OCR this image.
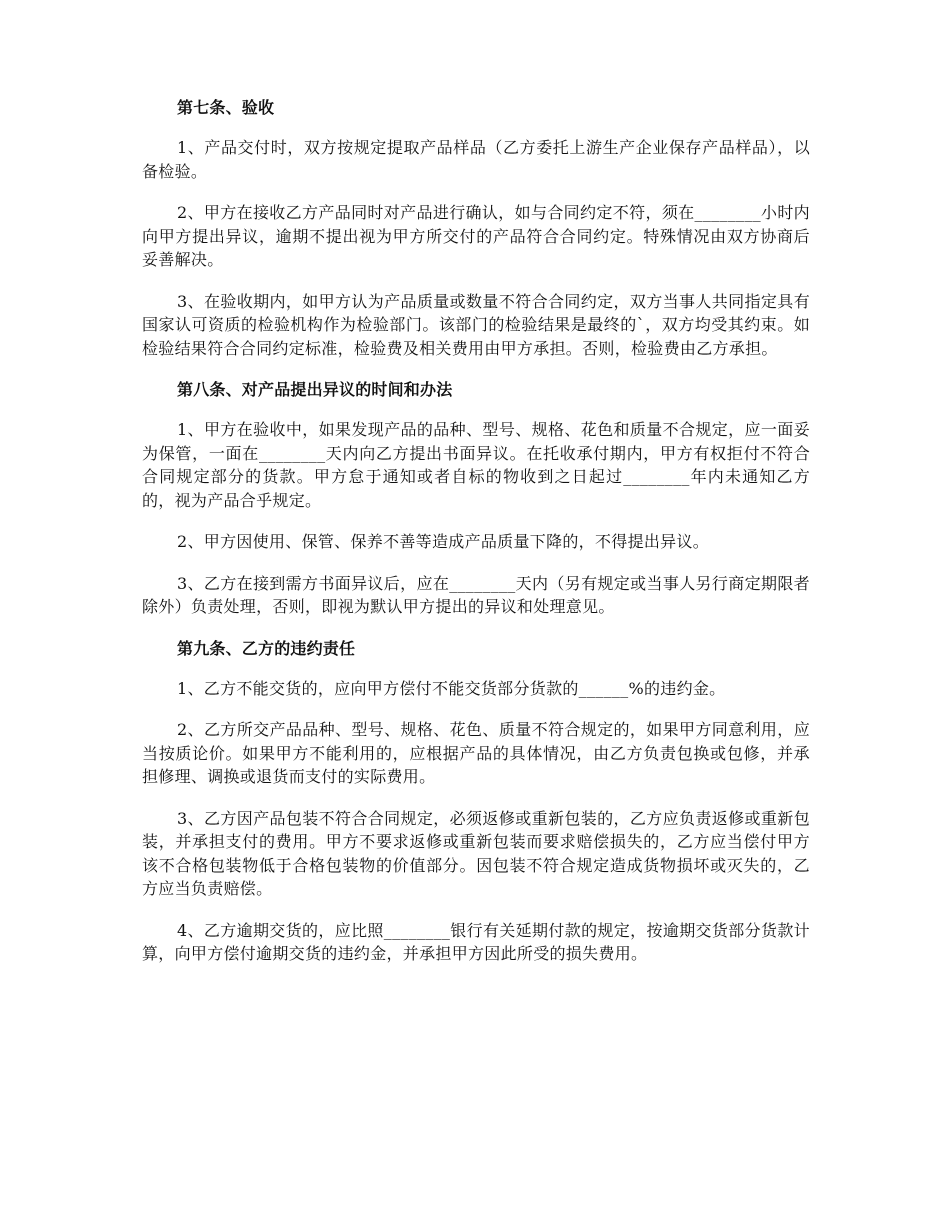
第七条、验收

1、产品交付时，双方按规定提取产品样品（乙方委托上游生产企业保存产品样品），以备检验。

2、甲方在接收乙方产品同时对产品进行确认，如与合同约定不符，须在________小时内向甲方提出异议，逾期不提出视为甲方所交付的产品符合合同约定。特殊情况由双方协商后妥善解决。

3、在验收期内，如甲方认为产品质量或数量不符合合同约定，双方当事人共同指定具有国家认可资质的检验机构作为检验部门。该部门的检验结果是最终的`，双方均受其约束。如检验结果符合合同约定标准，检验费及相关费用由甲方承担。否则，检验费由乙方承担。

第八条、对产品提出异议的时间和办法

1、甲方在验收中，如果发现产品的品种、型号、规格、花色和质量不合规定，应一面妥为保管，一面在________天内向乙方提出书面异议。在托收承付期内，甲方有权拒付不符合合同规定部分的货款。甲方怠于通知或者自标的物收到之日起过________年内未通知乙方的，视为产品合乎规定。

2、甲方因使用、保管、保养不善等造成产品质量下降的，不得提出异议。

3、乙方在接到需方书面异议后，应在________天内（另有规定或当事人另行商定期限者除外）负责处理，否则，即视为默认甲方提出的异议和处理意见。

第九条、乙方的违约责任

1、乙方不能交货的，应向甲方偿付不能交货部分货款的______%的违约金。

2、乙方所交产品品种、型号、规格、花色、质量不符合规定的，如果甲方同意利用，应当按质论价。如果甲方不能利用的，应根据产品的具体情况，由乙方负责包换或包修，并承担修理、调换或退货而支付的实际费用。

3、乙方因产品包装不符合合同规定，必须返修或重新包装的，乙方应负责返修或重新包装，并承担支付的费用。甲方不要求返修或重新包装而要求赔偿损失的，乙方应当偿付甲方该不合格包装物低于合格包装物的价值部分。因包装不符合规定造成货物损坏或灭失的，乙方应当负责赔偿。

4、乙方逾期交货的，应比照________银行有关延期付款的规定，按逾期交货部分货款计算，向甲方偿付逾期交货的违约金，并承担甲方因此所受的损失费用。
